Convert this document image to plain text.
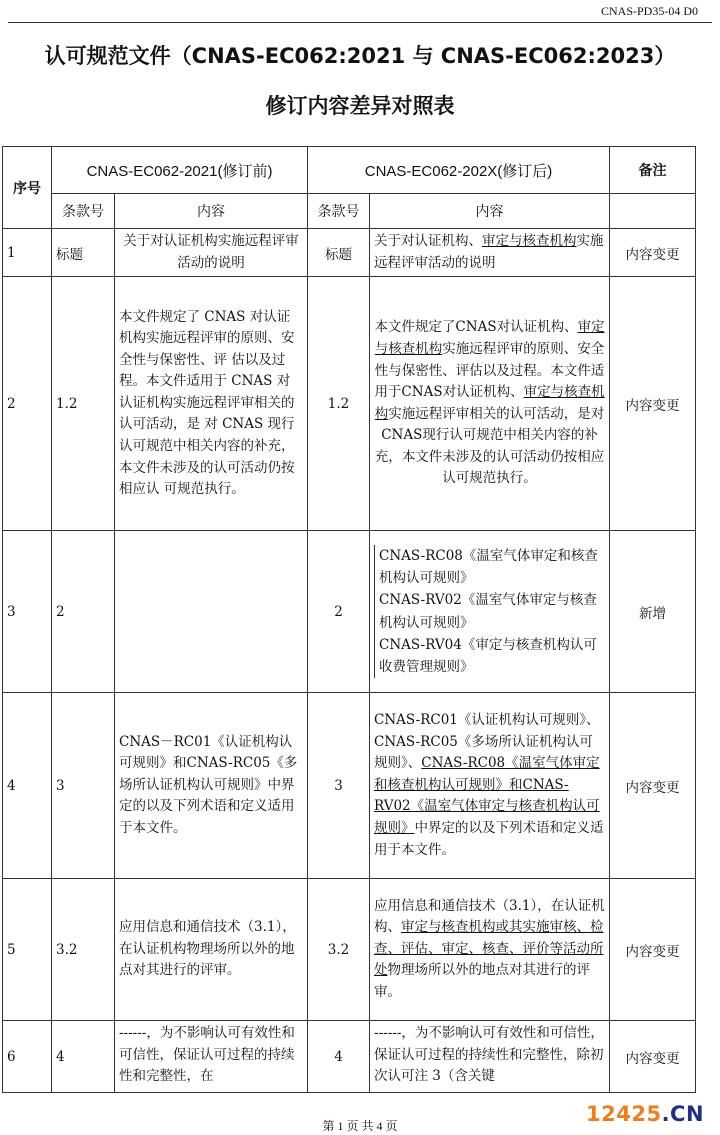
CNAS-PD35-04 D0
认可规范文件（CNAS-EC062:2021 与 CNAS-EC062:2023）
修订内容差异对照表
序号	CNAS-EC062-2021(修订前)		CNAS-EC062-202X(修订后)		备注
	条款号	内容	条款号	内容	
1	标题	关于对认证机构实施远程评审活动的说明	标题	关于对认证机构、审定与核查机构实施远程评审活动的说明	内容变更
2	1.2	本文件规定了 CNAS 对认证机构实施远程评审的原则、安全性与保密性、评 估以及过程。本文件适用于 CNAS 对认证机构实施远程评审相关的认可活动，是 对 CNAS 现行认可规范中相关内容的补充，本文件未涉及的认可活动仍按相应认 可规范执行。	1.2	本文件规定了CNAS对认证机构、审定与核查机构实施远程评审的原则、安全性与保密性、评估以及过程。本文件适用于CNAS对认证机构、审定与核查机构实施远程评审相关的认可活动，是对CNAS现行认可规范中相关内容的补充，本文件未涉及的认可活动仍按相应认可规范执行。	内容变更
3	2		2	CNAS-RC08《温室气体审定和核查机构认可规则》
CNAS-RV02《温室气体审定与核查机构认可规则》
CNAS-RV04《审定与核查机构认可收费管理规则》	新增
4	3	CNAS－RC01《认证机构认可规则》和CNAS-RC05《多场所认证机构认可规则》中界定的以及下列术语和定义适用于本文件。	3	CNAS-RC01《认证机构认可规则》、CNAS-RC05《多场所认证机构认可规则》、CNAS-RC08《温室气体审定和核查机构认可规则》和CNAS-RV02《温室气体审定与核查机构认可规则》中界定的以及下列术语和定义适用于本文件。	内容变更
5	3.2	应用信息和通信技术（3.1），在认证机构物理场所以外的地点对其进行的评审。	3.2	应用信息和通信技术（3.1），在认证机构、审定与核查机构或其实施审核、检查、评估、审定、核查、评价等活动所处物理场所以外的地点对其进行的评审。	内容变更
6	4	------，为不影响认可有效性和可信性，保证认可过程的持续性和完整性，在	4	------，为不影响认可有效性和可信性，保证认可过程的持续性和完整性，除初次认可注 3（含关键	内容变更
第 1 页 共 4 页	12425.CN
